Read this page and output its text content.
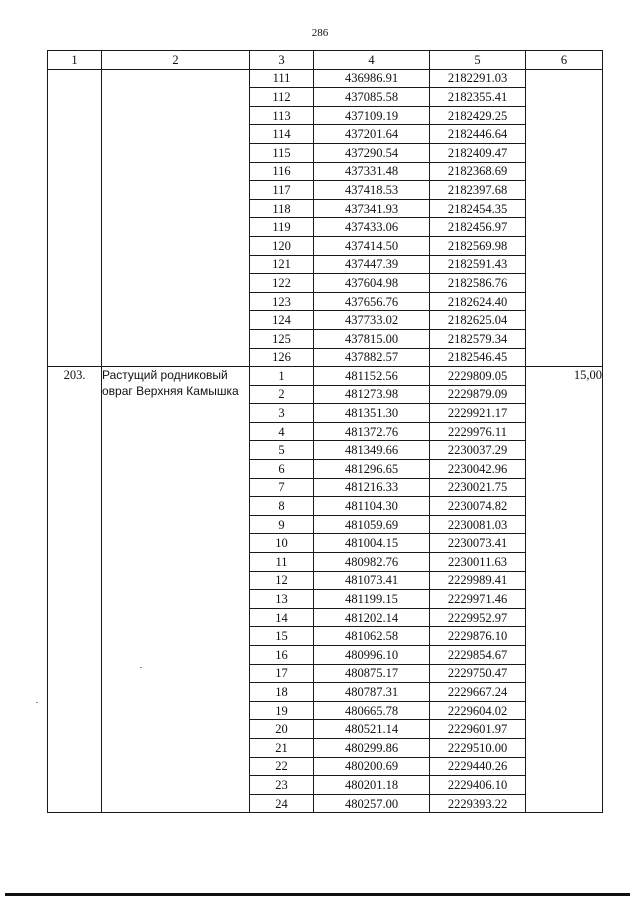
286
1	2	3	4	5	6
		111	436986.91	2182291.03	
		112	437085.58	2182355.41	
		113	437109.19	2182429.25	
		114	437201.64	2182446.64	
		115	437290.54	2182409.47	
		116	437331.48	2182368.69	
		117	437418.53	2182397.68	
		118	437341.93	2182454.35	
		119	437433.06	2182456.97	
		120	437414.50	2182569.98	
		121	437447.39	2182591.43	
		122	437604.98	2182586.76	
		123	437656.76	2182624.40	
		124	437733.02	2182625.04	
		125	437815.00	2182579.34	
		126	437882.57	2182546.45	
203.	Растущий родниковый овраг Верхняя Камышка	1	481152.56	2229809.05	15,00
		2	481273.98	2229879.09	
		3	481351.30	2229921.17	
		4	481372.76	2229976.11	
		5	481349.66	2230037.29	
		6	481296.65	2230042.96	
		7	481216.33	2230021.75	
		8	481104.30	2230074.82	
		9	481059.69	2230081.03	
		10	481004.15	2230073.41	
		11	480982.76	2230011.63	
		12	481073.41	2229989.41	
		13	481199.15	2229971.46	
		14	481202.14	2229952.97	
		15	481062.58	2229876.10	
		16	480996.10	2229854.67	
		17	480875.17	2229750.47	
		18	480787.31	2229667.24	
		19	480665.78	2229604.02	
		20	480521.14	2229601.97	
		21	480299.86	2229510.00	
		22	480200.69	2229440.26	
		23	480201.18	2229406.10	
		24	480257.00	2229393.22	
